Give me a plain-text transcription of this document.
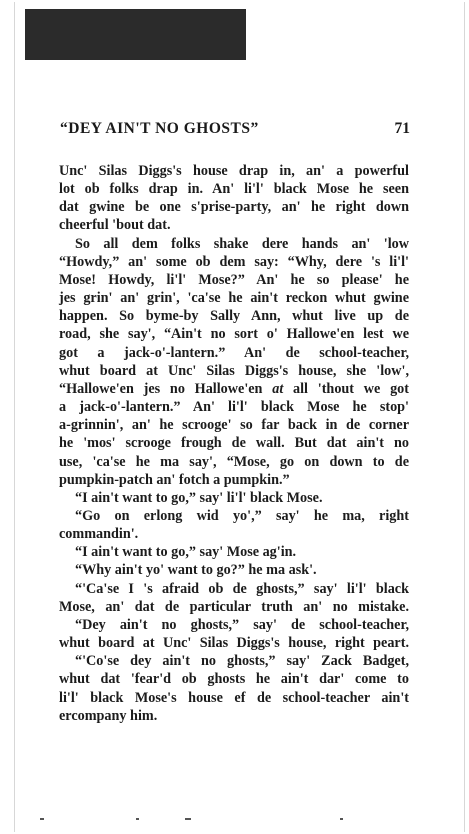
“DEY AIN'T NO GHOSTS”	71
Unc' Silas Diggs's house drap in, an' a powerful
lot ob folks drap in. An' li'l' black Mose he seen
dat gwine be one s'prise-party, an' he right down
cheerful 'bout dat.
So all dem folks shake dere hands an' 'low
“Howdy,” an' some ob dem say: “Why, dere 's li'l'
Mose! Howdy, li'l' Mose?” An' he so please' he
jes grin' an' grin', 'ca'se he ain't reckon whut gwine
happen. So byme-by Sally Ann, whut live up de
road, she say', “Ain't no sort o' Hallowe'en lest we
got a jack-o'-lantern.” An' de school-teacher,
whut board at Unc' Silas Diggs's house, she 'low',
“Hallowe'en jes no Hallowe'en at all 'thout we got
a jack-o'-lantern.” An' li'l' black Mose he stop'
a-grinnin', an' he scrooge' so far back in de corner
he 'mos' scrooge frough de wall. But dat ain't no
use, 'ca'se he ma say', “Mose, go on down to de
pumpkin-patch an' fotch a pumpkin.”
“I ain't want to go,” say' li'l' black Mose.
“Go on erlong wid yo',” say' he ma, right
commandin'.
“I ain't want to go,” say' Mose ag'in.
“Why ain't yo' want to go?” he ma ask'.
“'Ca'se I 's afraid ob de ghosts,” say' li'l' black
Mose, an' dat de particular truth an' no mistake.
“Dey ain't no ghosts,” say' de school-teacher,
whut board at Unc' Silas Diggs's house, right peart.
“'Co'se dey ain't no ghosts,” say' Zack Badget,
whut dat 'fear'd ob ghosts he ain't dar' come to
li'l' black Mose's house ef de school-teacher ain't
ercompany him.
